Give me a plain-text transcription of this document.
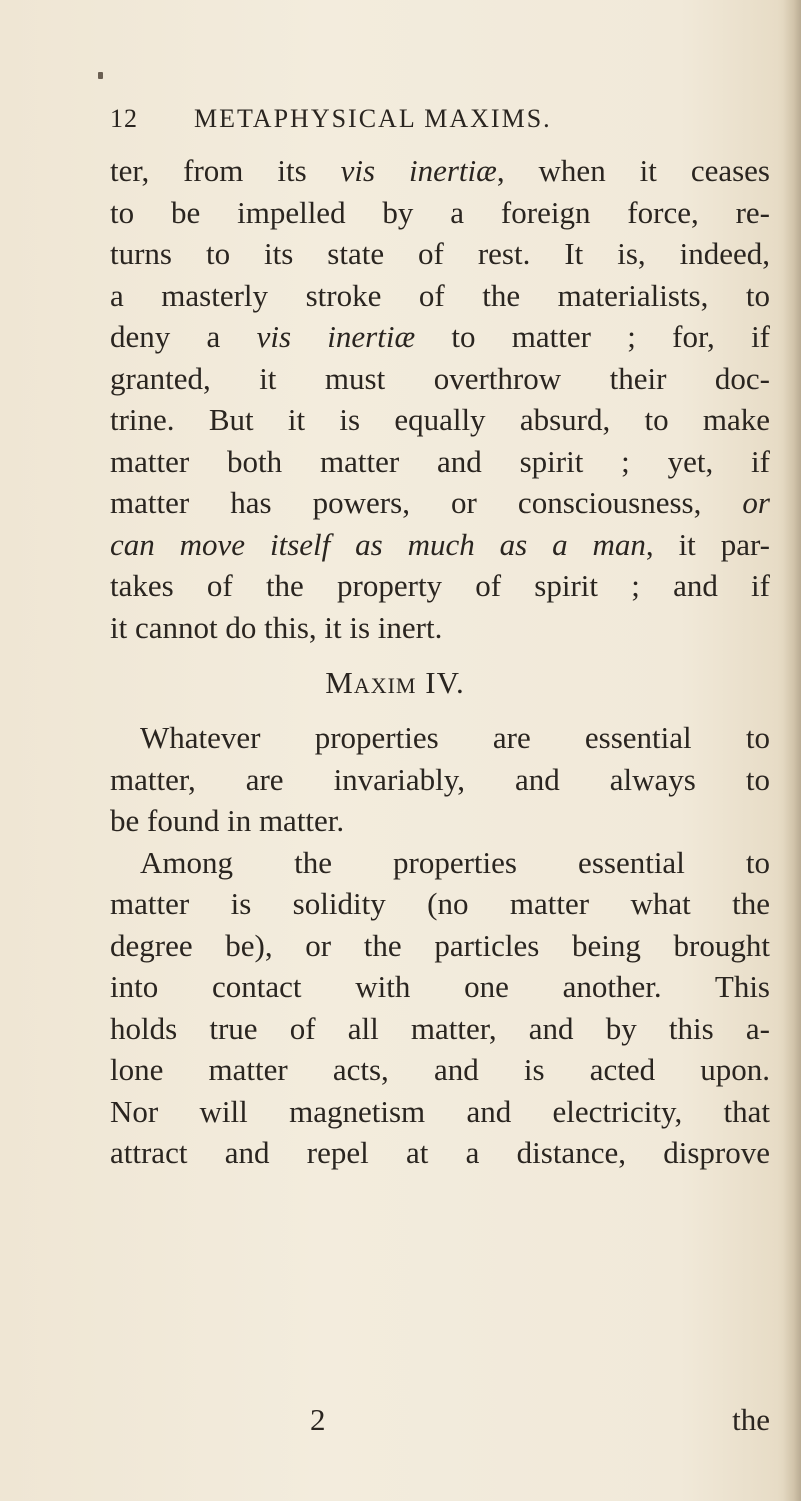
12 METAPHYSICAL MAXIMS.
ter, from its vis inertiæ, when it ceases
to be impelled by a foreign force, re-
turns to its state of rest. It is, indeed,
a masterly stroke of the materialists, to
deny a vis inertiæ to matter ; for, if
granted, it must overthrow their doc-
trine. But it is equally absurd, to make
matter both matter and spirit ; yet, if
matter has powers, or consciousness, or
can move itself as much as a man, it par-
takes of the property of spirit ; and if
it cannot do this, it is inert.
Maxim IV.
Whatever properties are essential to
matter, are invariably, and always to
be found in matter.
Among the properties essential to
matter is solidity (no matter what the
degree be), or the particles being brought
into contact with one another. This
holds true of all matter, and by this a-
lone matter acts, and is acted upon.
Nor will magnetism and electricity, that
attract and repel at a distance, disprove
2	the
